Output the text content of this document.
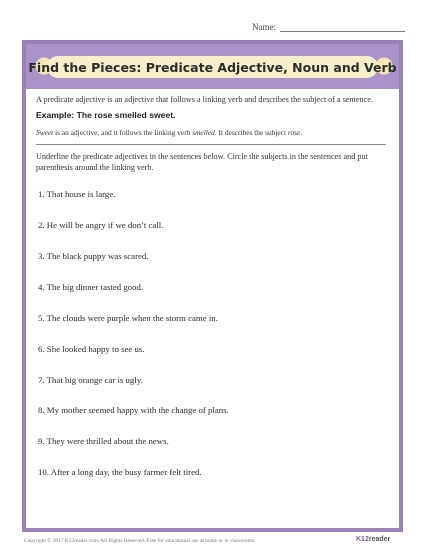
Name:
Find the Pieces: Predicate Adjective, Noun and Verb

A predicate adjective is an adjective that follows a linking verb and describes the subject of a sentence.

Example: The rose smelled sweet.

Sweet is an adjective, and it follows the linking verb smelled. It describes the subject rose.

Underline the predicate adjectives in the sentences below. Circle the subjects in the sentences and put parenthesis around the linking verb.

1. That house is large.
2. He will be angry if we don’t call.
3. The black puppy was scared.
4. The big dinner tasted good.
5. The clouds were purple when the storm came in.
6. She looked happy to see us.
7. That big orange car is ugly.
8. My mother seemed happy with the change of plans.
9. They were thrilled about the news.
10. After a long day, the busy farmer felt tired.
Copyright © 2017 K12reader.com. All Rights Reserved. Free for educational use at home or in classrooms.	K12reader
